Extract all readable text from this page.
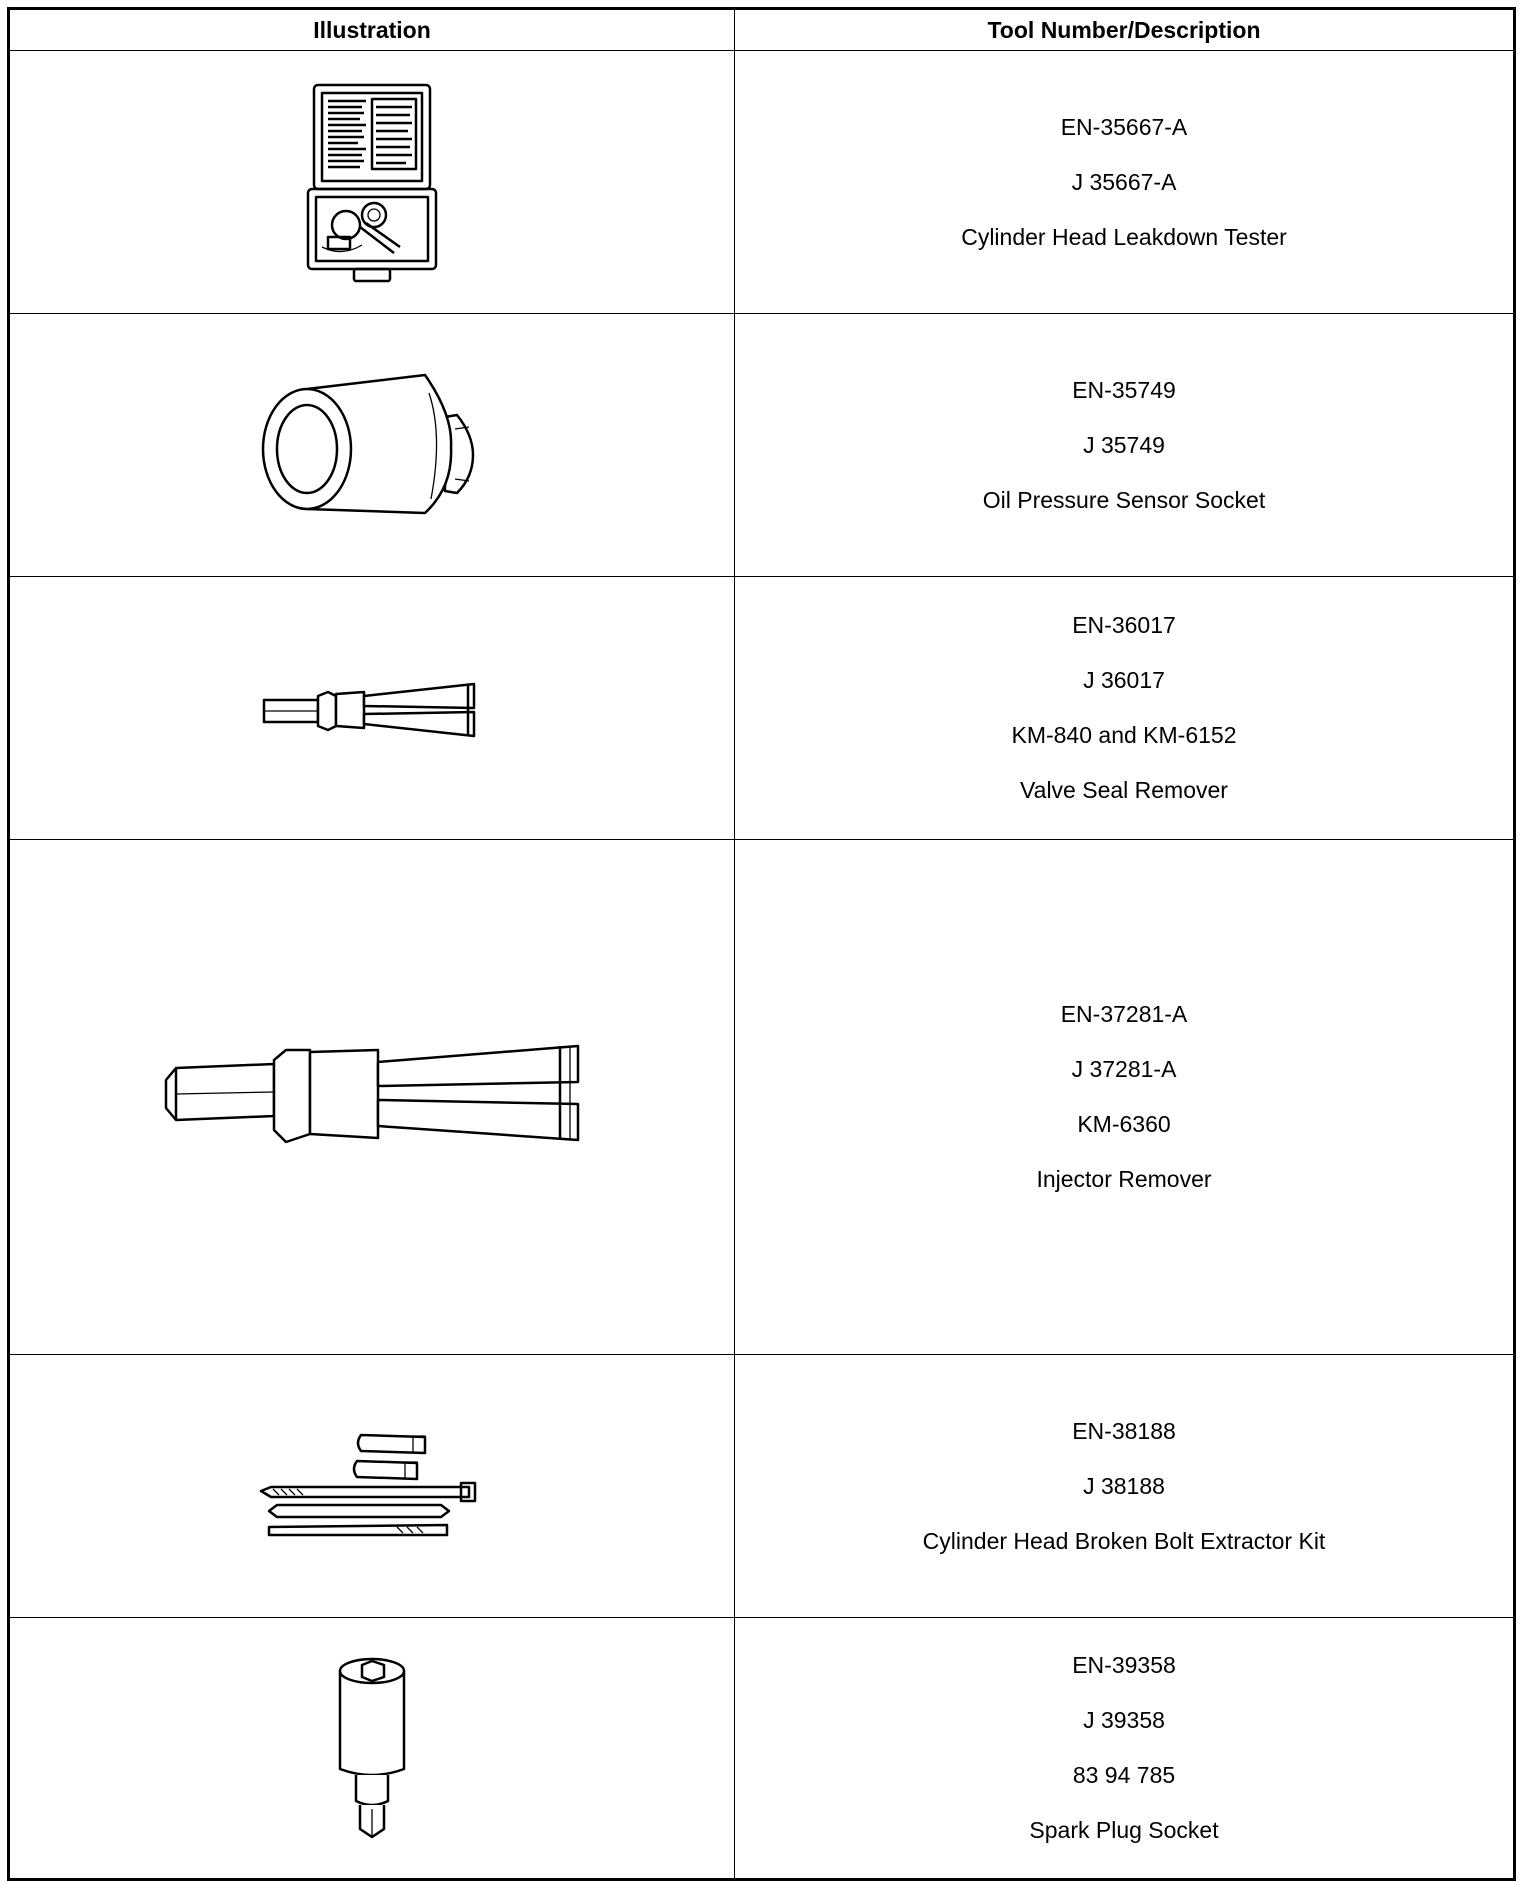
Illustration	Tool Number/Description

EN-35667-A
J 35667-A
Cylinder Head Leakdown Tester

EN-35749
J 35749
Oil Pressure Sensor Socket

EN-36017
J 36017
KM-840 and KM-6152
Valve Seal Remover

EN-37281-A
J 37281-A
KM-6360
Injector Remover

EN-38188
J 38188
Cylinder Head Broken Bolt Extractor Kit

EN-39358
J 39358
83 94 785
Spark Plug Socket
